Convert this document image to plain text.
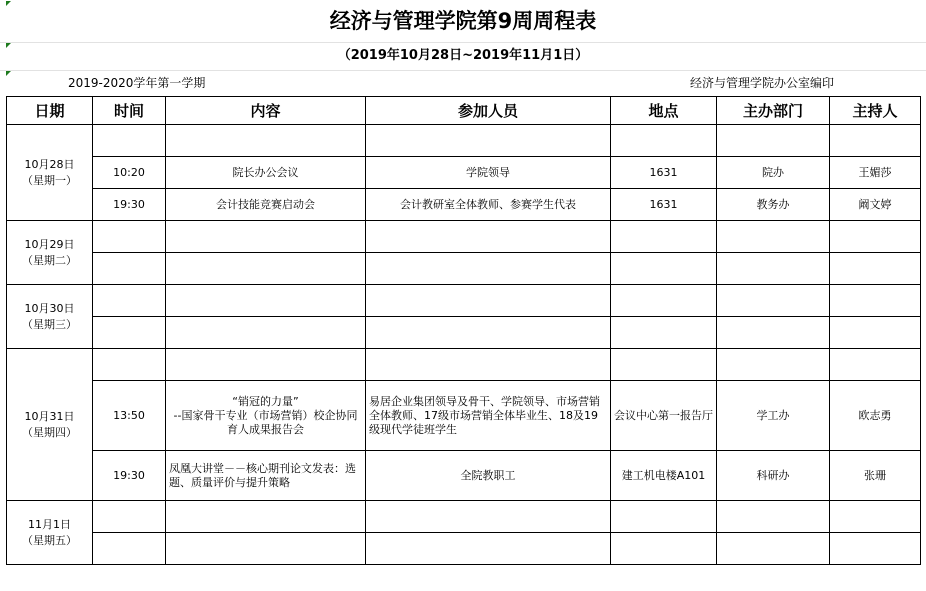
经济与管理学院第9周周程表
（2019年10月28日~2019年11月1日）
2019-2020学年第一学期	经济与管理学院办公室编印
日期	时间	内容	参加人员	地点	主办部门	主持人
10月28日
（星期一）						
	10:20	院长办公会议	学院领导	1631	院办	王媚莎
	19:30	会计技能竞赛启动会	会计教研室全体教师、参赛学生代表	1631	教务办	阚文婷
10月29日
（星期二）						

10月30日
（星期三）						

10月31日
（星期四）						
	13:50	“销冠的力量”
--国家骨干专业（市场营销）校企协同育人成果报告会	易居企业集团领导及骨干、学院领导、市场营销全体教师、17级市场营销全体毕业生、18及19级现代学徒班学生	会议中心第一报告厅	学工办	欧志勇
	19:30	凤凰大讲堂－－核心期刊论文发表：选题、质量评价与提升策略	全院教职工	建工机电楼A101	科研办	张珊
11月1日
（星期五）						
